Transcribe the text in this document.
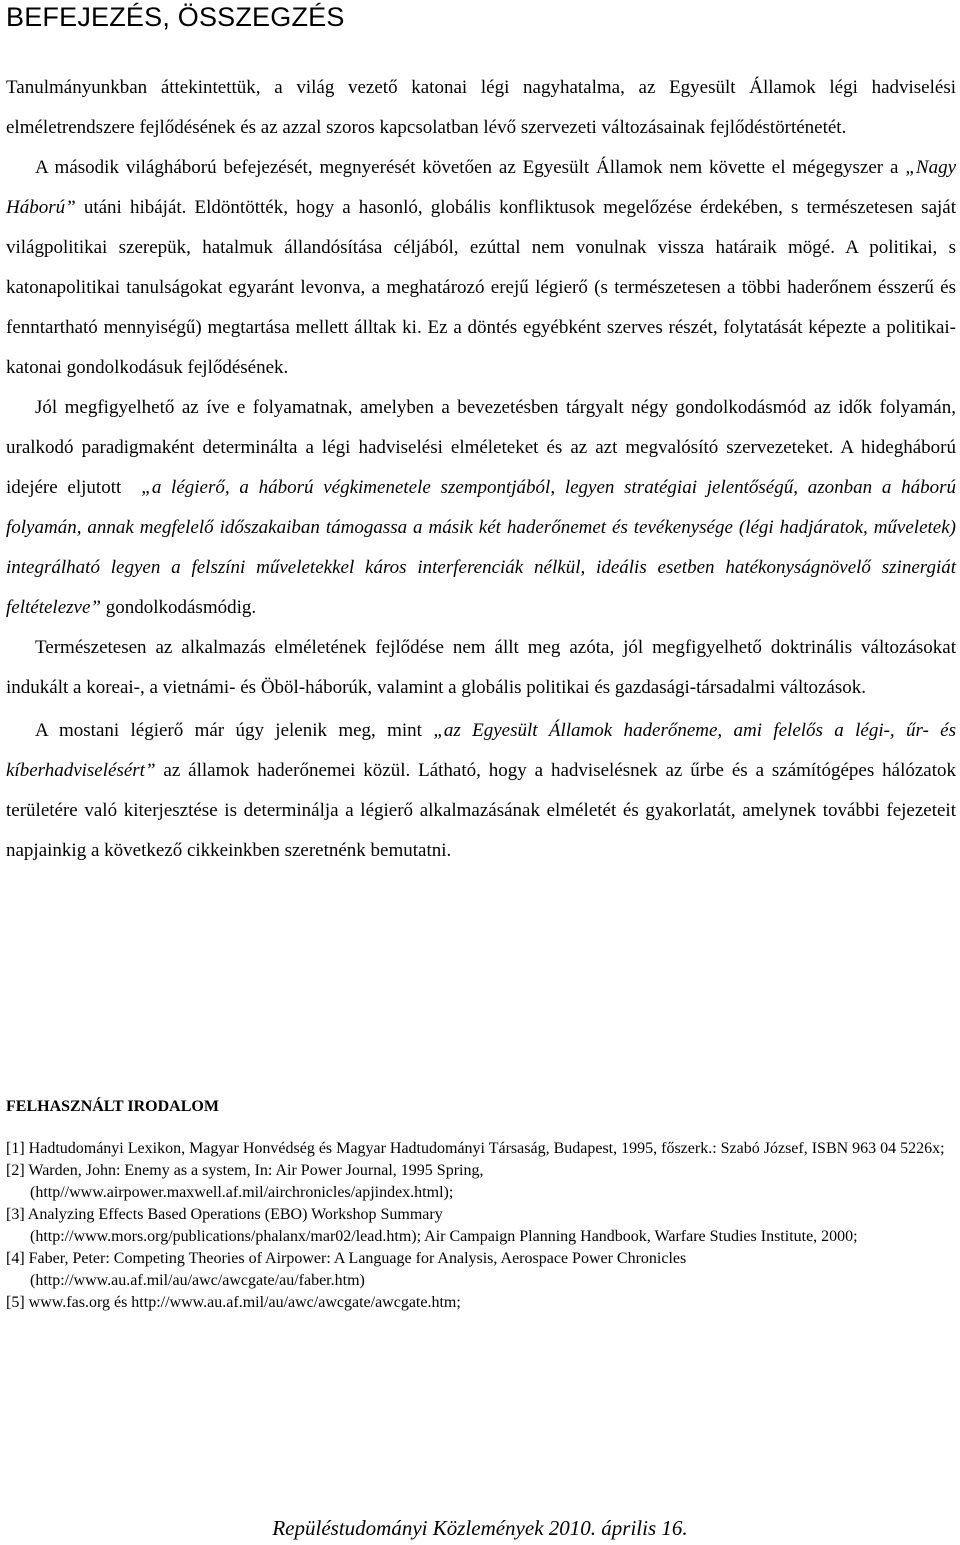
BEFEJEZÉS, ÖSSZEGZÉS

Tanulmányunkban áttekintettük, a világ vezető katonai légi nagyhatalma, az Egyesült Államok légi hadviselési elméletrendszere fejlődésének és az azzal szoros kapcsolatban lévő szervezeti változásainak fejlődéstörténetét.

A második világháború befejezését, megnyerését követően az Egyesült Államok nem követte el mégegyszer a „Nagy Háború” utáni hibáját. Eldöntötték, hogy a hasonló, globális konfliktusok megelőzése érdekében, s természetesen saját világpolitikai szerepük, hatalmuk állandósítása céljából, ezúttal nem vonulnak vissza határaik mögé. A politikai, s katonapolitikai tanulságokat egyaránt levonva, a meghatározó erejű légierő (s természetesen a többi haderőnem ésszerű és fenntartható mennyiségű) megtartása mellett álltak ki. Ez a döntés egyébként szerves részét, folytatását képezte a politikai-katonai gondolkodásuk fejlődésének.

Jól megfigyelhető az íve e folyamatnak, amelyben a bevezetésben tárgyalt négy gondolkodásmód az idők folyamán, uralkodó paradigmaként determinálta a légi hadviselési elméleteket és az azt megvalósító szervezeteket. A hidegháború idejére eljutott „a légierő, a háború végkimenetele szempontjából, legyen stratégiai jelentőségű, azonban a háború folyamán, annak megfelelő időszakaiban támogassa a másik két haderőnemet és tevékenysége (légi hadjáratok, műveletek) integrálható legyen a felszíni műveletekkel káros interferenciák nélkül, ideális esetben hatékonyságnövelő szinergiát feltételezve” gondolkodásmódig.

Természetesen az alkalmazás elméletének fejlődése nem állt meg azóta, jól megfigyelhető doktrinális változásokat indukált a koreai-, a vietnámi- és Öböl-háborúk, valamint a globális politikai és gazdasági-társadalmi változások.

A mostani légierő már úgy jelenik meg, mint „az Egyesült Államok haderőneme, ami felelős a légi-, űr- és kíberhadviselésért” az államok haderőnemei közül. Látható, hogy a hadviselésnek az űrbe és a számítógépes hálózatok területére való kiterjesztése is determinálja a légierő alkalmazásának elméletét és gyakorlatát, amelynek további fejezeteit napjainkig a következő cikkeinkben szeretnénk bemutatni.

FELHASZNÁLT IRODALOM
[1] Hadtudományi Lexikon, Magyar Honvédség és Magyar Hadtudományi Társaság, Budapest, 1995, főszerk.: Szabó József, ISBN 963 04 5226x;
[2] Warden, John: Enemy as a system, In: Air Power Journal, 1995 Spring,
(http//www.airpower.maxwell.af.mil/airchronicles/apjindex.html);
[3] Analyzing Effects Based Operations (EBO) Workshop Summary
(http://www.mors.org/publications/phalanx/mar02/lead.htm); Air Campaign Planning Handbook, Warfare Studies Institute, 2000;
[4] Faber, Peter: Competing Theories of Airpower: A Language for Analysis, Aerospace Power Chronicles
(http://www.au.af.mil/au/awc/awcgate/au/faber.htm)
[5] www.fas.org és http://www.au.af.mil/au/awc/awcgate/awcgate.htm;
Repüléstudományi Közlemények 2010. április 16.
